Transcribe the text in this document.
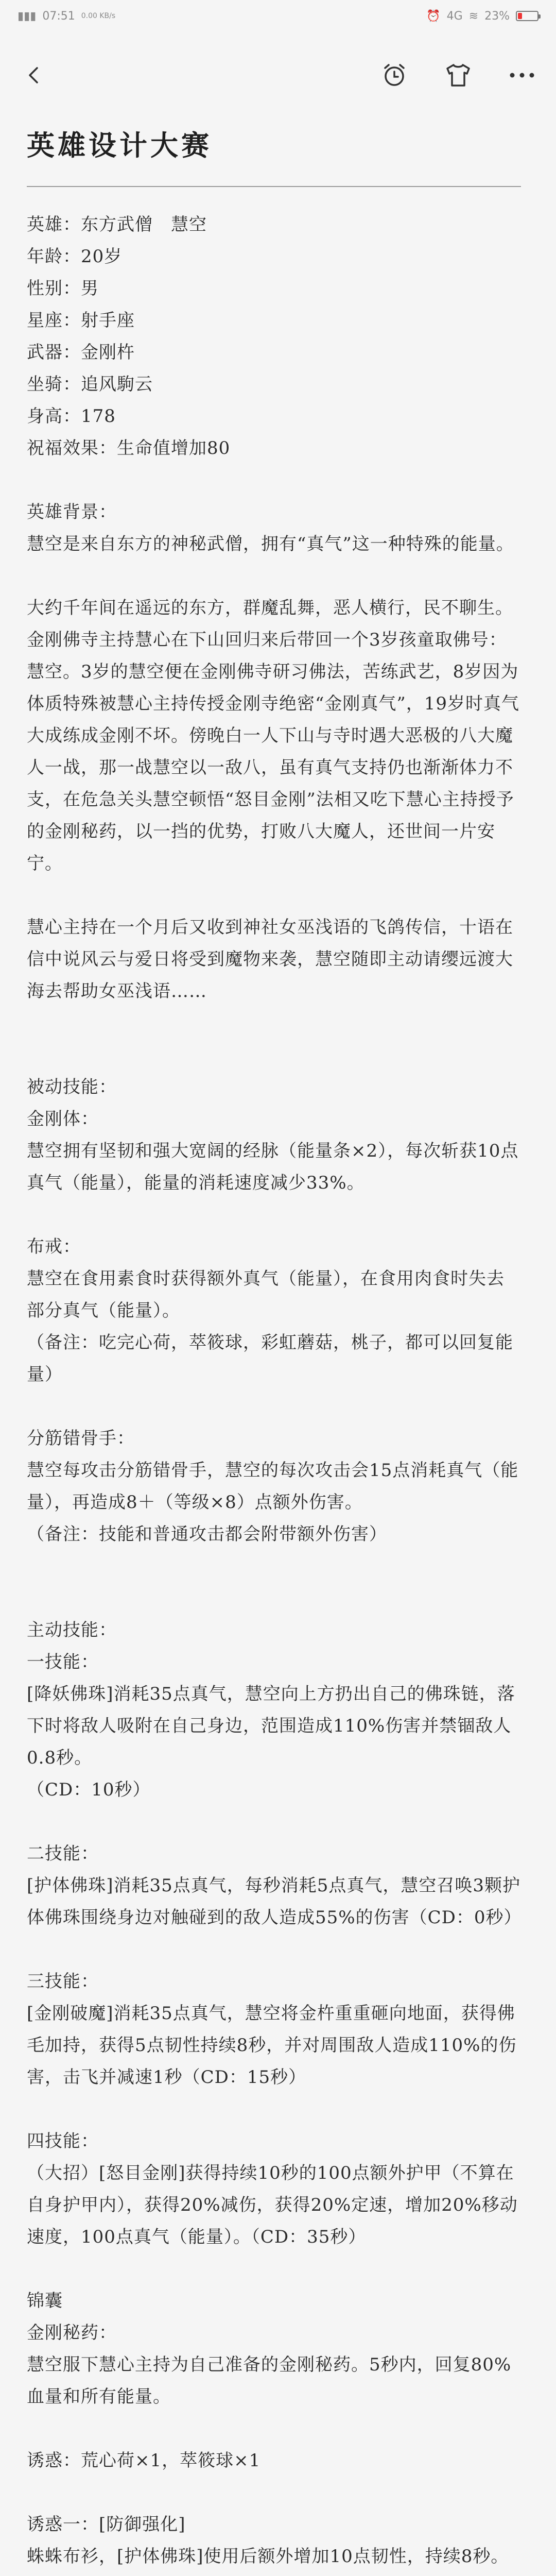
▮▮▮ 07:51 0.00 KB/s	⏰ 4G ≋ 23%
英雄设计大赛
英雄：东方武僧　慧空
年龄：20岁
性别：男
星座：射手座
武器：金刚杵
坐骑：追风駒云
身高：178
祝福效果：生命值增加80
英雄背景：
慧空是来自东方的神秘武僧，拥有“真气”这一种特殊的能量。
大约千年间在遥远的东方，群魔乱舞，恶人横行，民不聊生。金刚佛寺主持慧心在下山回归来后带回一个3岁孩童取佛号：慧空。3岁的慧空便在金刚佛寺研习佛法，苦练武艺，8岁因为体质特殊被慧心主持传授金刚寺绝密“金刚真气”，19岁时真气大成练成金刚不坏。傍晚白一人下山与寺时遇大恶极的八大魔人一战，那一战慧空以一敌八，虽有真气支持仍也渐渐体力不支，在危急关头慧空顿悟“怒目金刚”法相又吃下慧心主持授予的金刚秘药，以一挡的优势，打败八大魔人，还世间一片安宁。
慧心主持在一个月后又收到神社女巫浅语的飞鸽传信，十语在信中说风云与爱日将受到魔物来袭，慧空随即主动请缨远渡大海去帮助女巫浅语……
被动技能：
金刚体：
慧空拥有坚韧和强大宽阔的经脉（能量条×2），每次斩获10点真气（能量），能量的消耗速度减少33%。
布戒：
慧空在食用素食时获得额外真气（能量），在食用肉食时失去部分真气（能量）。
（备注：吃完心荷，萃筱球，彩虹蘑菇，桃子，都可以回复能量）
分筋错骨手：
慧空每攻击分筋错骨手，慧空的每次攻击会15点消耗真气（能量），再造成8＋（等级×8）点额外伤害。
（备注：技能和普通攻击都会附带额外伤害）
主动技能：
一技能：
[降妖佛珠]消耗35点真气，慧空向上方扔出自己的佛珠链，落下时将敌人吸附在自己身边，范围造成110%伤害并禁锢敌人0.8秒。
（CD：10秒）
二技能：
[护体佛珠]消耗35点真气，每秒消耗5点真气，慧空召唤3颗护体佛珠围绕身边对触碰到的敌人造成55%的伤害（CD：0秒）
三技能：
[金刚破魔]消耗35点真气，慧空将金杵重重砸向地面，获得佛毛加持，获得5点韧性持续8秒，并对周围敌人造成110%的伤害，击飞并减速1秒（CD：15秒）
四技能：
（大招）[怒目金刚]获得持续10秒的100点额外护甲（不算在自身护甲内），获得20%减伤，获得20%定速，增加20%移动速度，100点真气（能量）。（CD：35秒）
锦囊
金刚秘药：
慧空服下慧心主持为自己准备的金刚秘药。5秒内，回复80%血量和所有能量。
诱惑：荒心荷×1，萃筱球×1
诱惑一：[防御强化]
蛛蛛布衫，[护体佛珠]使用后额外增加10点韧性，持续8秒。
